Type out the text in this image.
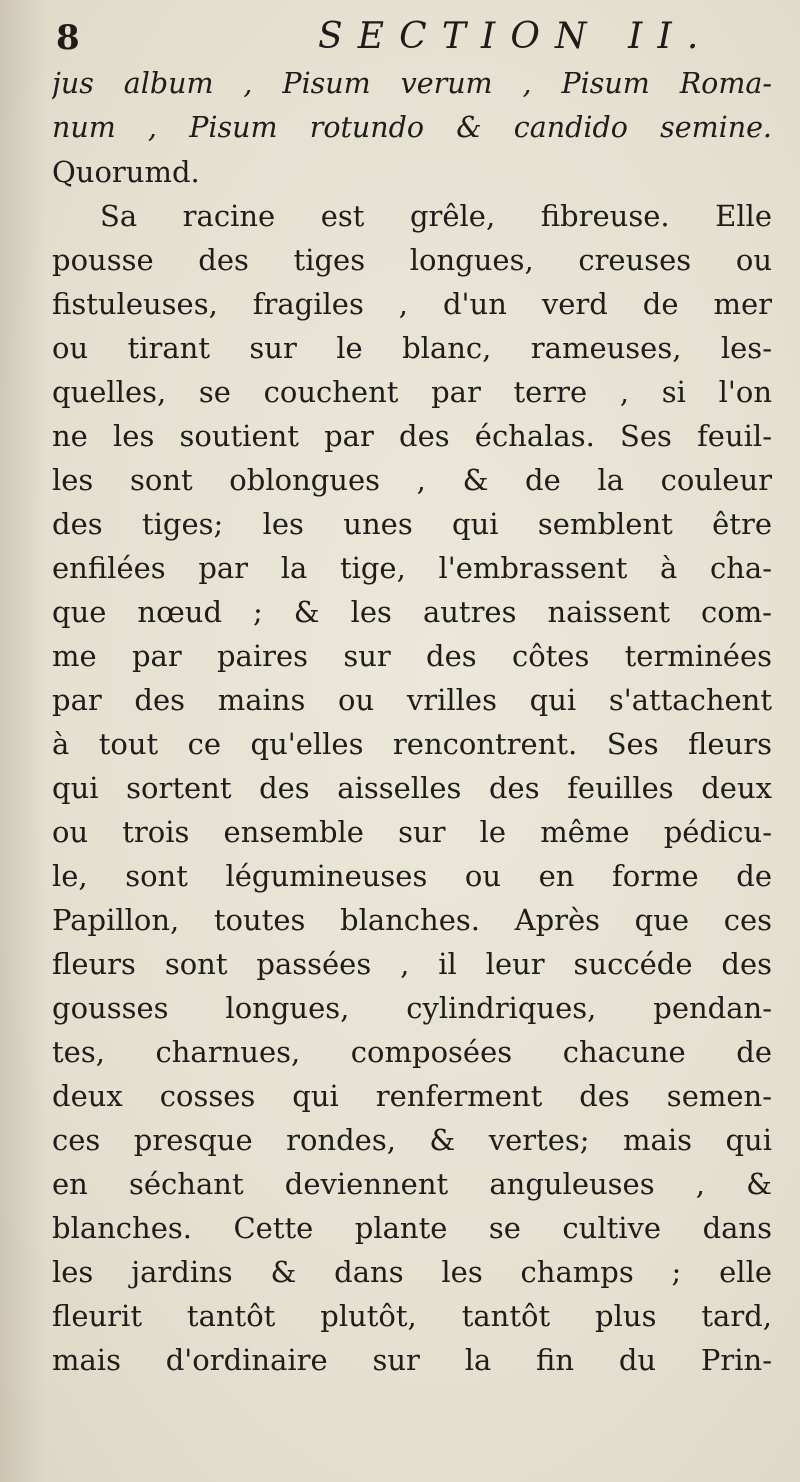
8	SECTION II.
jus album , Pisum verum , Pisum Roma-
num , Pisum rotundo & candido semine.
Quorumd.
Sa racine est grêle, fibreuse. Elle
pousse des tiges longues, creuses ou
fistuleuses, fragiles , d'un verd de mer
ou tirant sur le blanc, rameuses, les-
quelles, se couchent par terre , si l'on
ne les soutient par des échalas. Ses feuil-
les sont oblongues , & de la couleur
des tiges; les unes qui semblent être
enfilées par la tige, l'embrassent à cha-
que nœud ; & les autres naissent com-
me par paires sur des côtes terminées
par des mains ou vrilles qui s'attachent
à tout ce qu'elles rencontrent. Ses fleurs
qui sortent des aisselles des feuilles deux
ou trois ensemble sur le même pédicu-
le, sont légumineuses ou en forme de
Papillon, toutes blanches. Après que ces
fleurs sont passées , il leur succéde des
gousses longues, cylindriques, pendan-
tes, charnues, composées chacune de
deux cosses qui renferment des semen-
ces presque rondes, & vertes; mais qui
en séchant deviennent anguleuses , &
blanches. Cette plante se cultive dans
les jardins & dans les champs ; elle
fleurit tantôt plutôt, tantôt plus tard,
mais d'ordinaire sur la fin du Prin-
